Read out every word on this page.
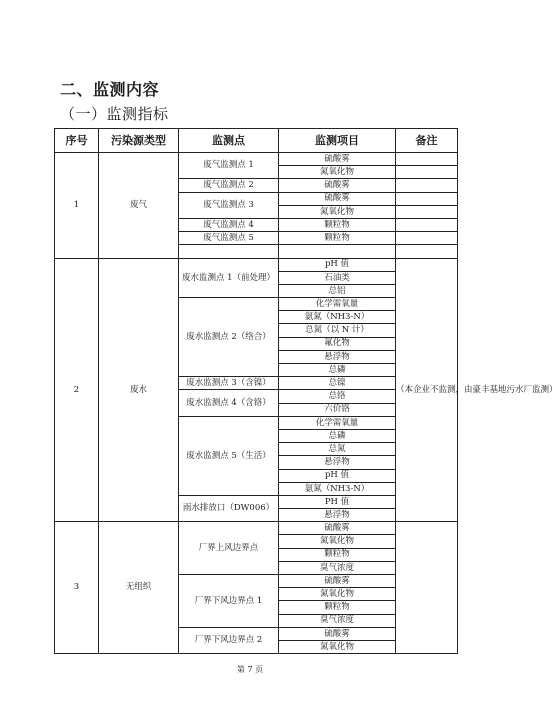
二、监测内容
（一）监测指标
序号	污染源类型	监测点	监测项目	备注
1	废气	废气监测点 1	硫酸雾	
			氮氧化物	
		废气监测点 2	硫酸雾	
		废气监测点 3	硫酸雾	
			氮氧化物	
		废气监测点 4	颗粒物	
		废气监测点 5	颗粒物	

2	废水	废水监测点 1（前处理）	pH 值	（本企业不监测，由豪丰基地污水厂监测）
			石油类	
			总铝	
		废水监测点 2（络合）	化学需氧量	
			氨氮（NH3-N）	
			总氮（以 N 计）	
			氟化物	
			悬浮物	
			总磷	
		废水监测点 3（含镍）	总镍	
		废水监测点 4（含铬）	总铬	
			六价铬	
		废水监测点 5（生活）	化学需氧量	
			总磷	
			总氮	
			悬浮物	
			pH 值	
			氨氮（NH3-N）	
		雨水排放口（DW006）	PH 值	
			悬浮物	
3	无组织	厂界上风边界点	硫酸雾	
			氮氧化物	
			颗粒物	
			臭气浓度	
		厂界下风边界点 1	硫酸雾	
			氮氧化物	
			颗粒物	
			臭气浓度	
		厂界下风边界点 2	硫酸雾	
			氮氧化物	
第 7 页
